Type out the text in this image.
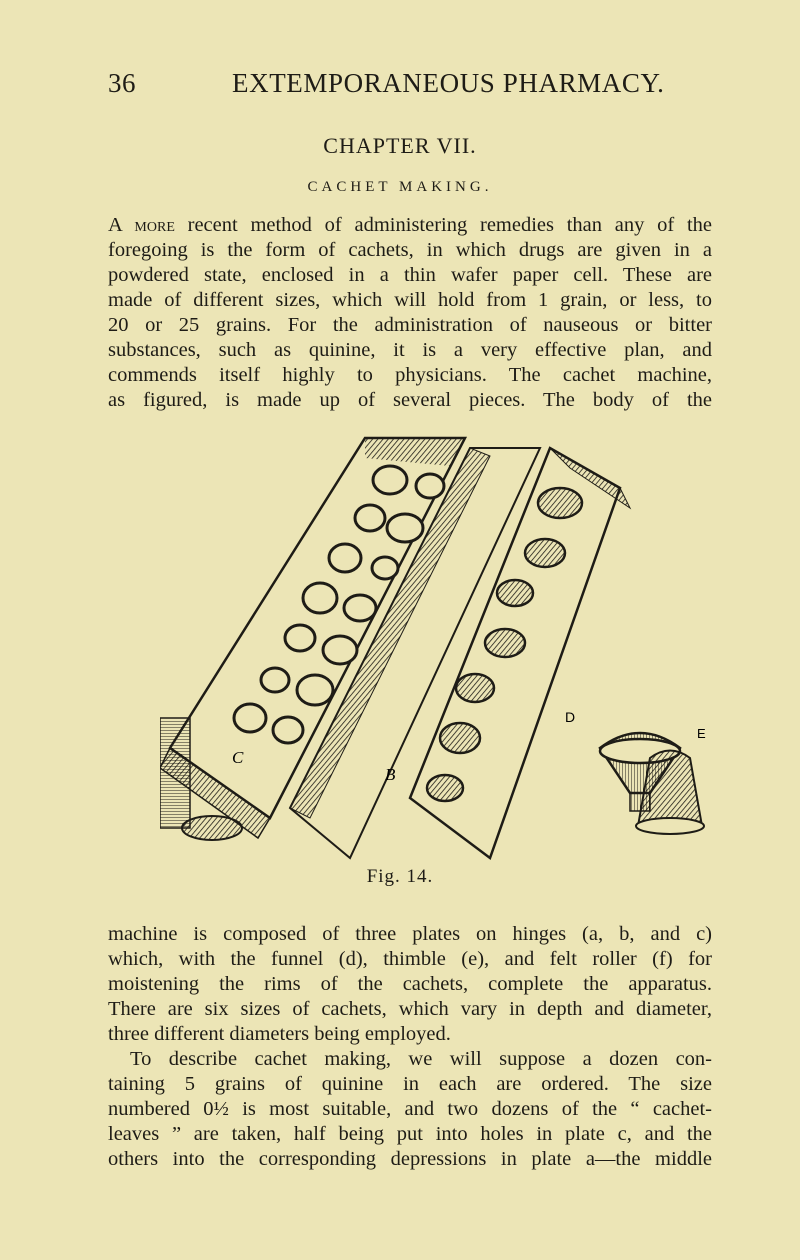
36	EXTEMPORANEOUS PHARMACY.
CHAPTER VII.
CACHET MAKING.
A more recent method of administering remedies than any of the
foregoing is the form of cachets, in which drugs are given in a
powdered state, enclosed in a thin wafer paper cell. These are
made of different sizes, which will hold from 1 grain, or less, to
20 or 25 grains. For the administration of nauseous or bitter
substances, such as quinine, it is a very effective plan, and
commends itself highly to physicians. The cachet machine,
as figured, is made up of several pieces. The body of the
C
B
D
E
Fig. 14.
machine is composed of three plates on hinges (a, b, and c)
which, with the funnel (d), thimble (e), and felt roller (f) for
moistening the rims of the cachets, complete the apparatus.
There are six sizes of cachets, which vary in depth and diameter,
three different diameters being employed.
To describe cachet making, we will suppose a dozen con-
taining 5 grains of quinine in each are ordered. The size
numbered 0½ is most suitable, and two dozens of the “ cachet-
leaves ” are taken, half being put into holes in plate c, and the
others into the corresponding depressions in plate a—the middle
